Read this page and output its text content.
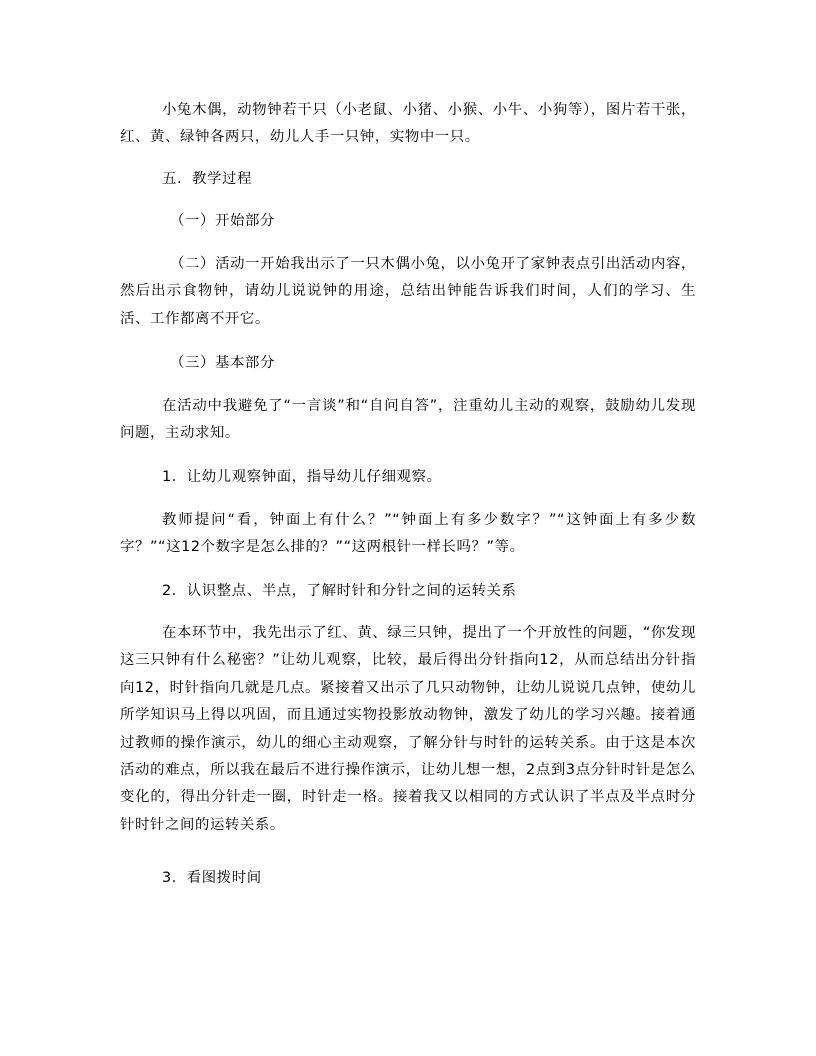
小兔木偶，动物钟若干只（小老鼠、小猪、小猴、小牛、小狗等），图片若干张，红、黄、绿钟各两只，幼儿人手一只钟，实物中一只。

五．教学过程

（一）开始部分

（二）活动一开始我出示了一只木偶小兔，以小兔开了家钟表点引出活动内容，然后出示食物钟，请幼儿说说钟的用途，总结出钟能告诉我们时间，人们的学习、生活、工作都离不开它。

（三）基本部分

在活动中我避免了“一言谈”和“自问自答”，注重幼儿主动的观察，鼓励幼儿发现问题，主动求知。

1．让幼儿观察钟面，指导幼儿仔细观察。

教师提问“看，钟面上有什么？”“钟面上有多少数字？”“这钟面上有多少数字？”“这12个数字是怎么排的？”“这两根针一样长吗？”等。

2．认识整点、半点，了解时针和分针之间的运转关系

在本环节中，我先出示了红、黄、绿三只钟，提出了一个开放性的问题，“你发现这三只钟有什么秘密？”让幼儿观察，比较，最后得出分针指向12，从而总结出分针指向12，时针指向几就是几点。紧接着又出示了几只动物钟，让幼儿说说几点钟，使幼儿所学知识马上得以巩固，而且通过实物投影放动物钟，激发了幼儿的学习兴趣。接着通过教师的操作演示，幼儿的细心主动观察，了解分针与时针的运转关系。由于这是本次活动的难点，所以我在最后不进行操作演示，让幼儿想一想，2点到3点分针时针是怎么变化的，得出分针走一圈，时针走一格。接着我又以相同的方式认识了半点及半点时分针时针之间的运转关系。

3．看图拨时间
